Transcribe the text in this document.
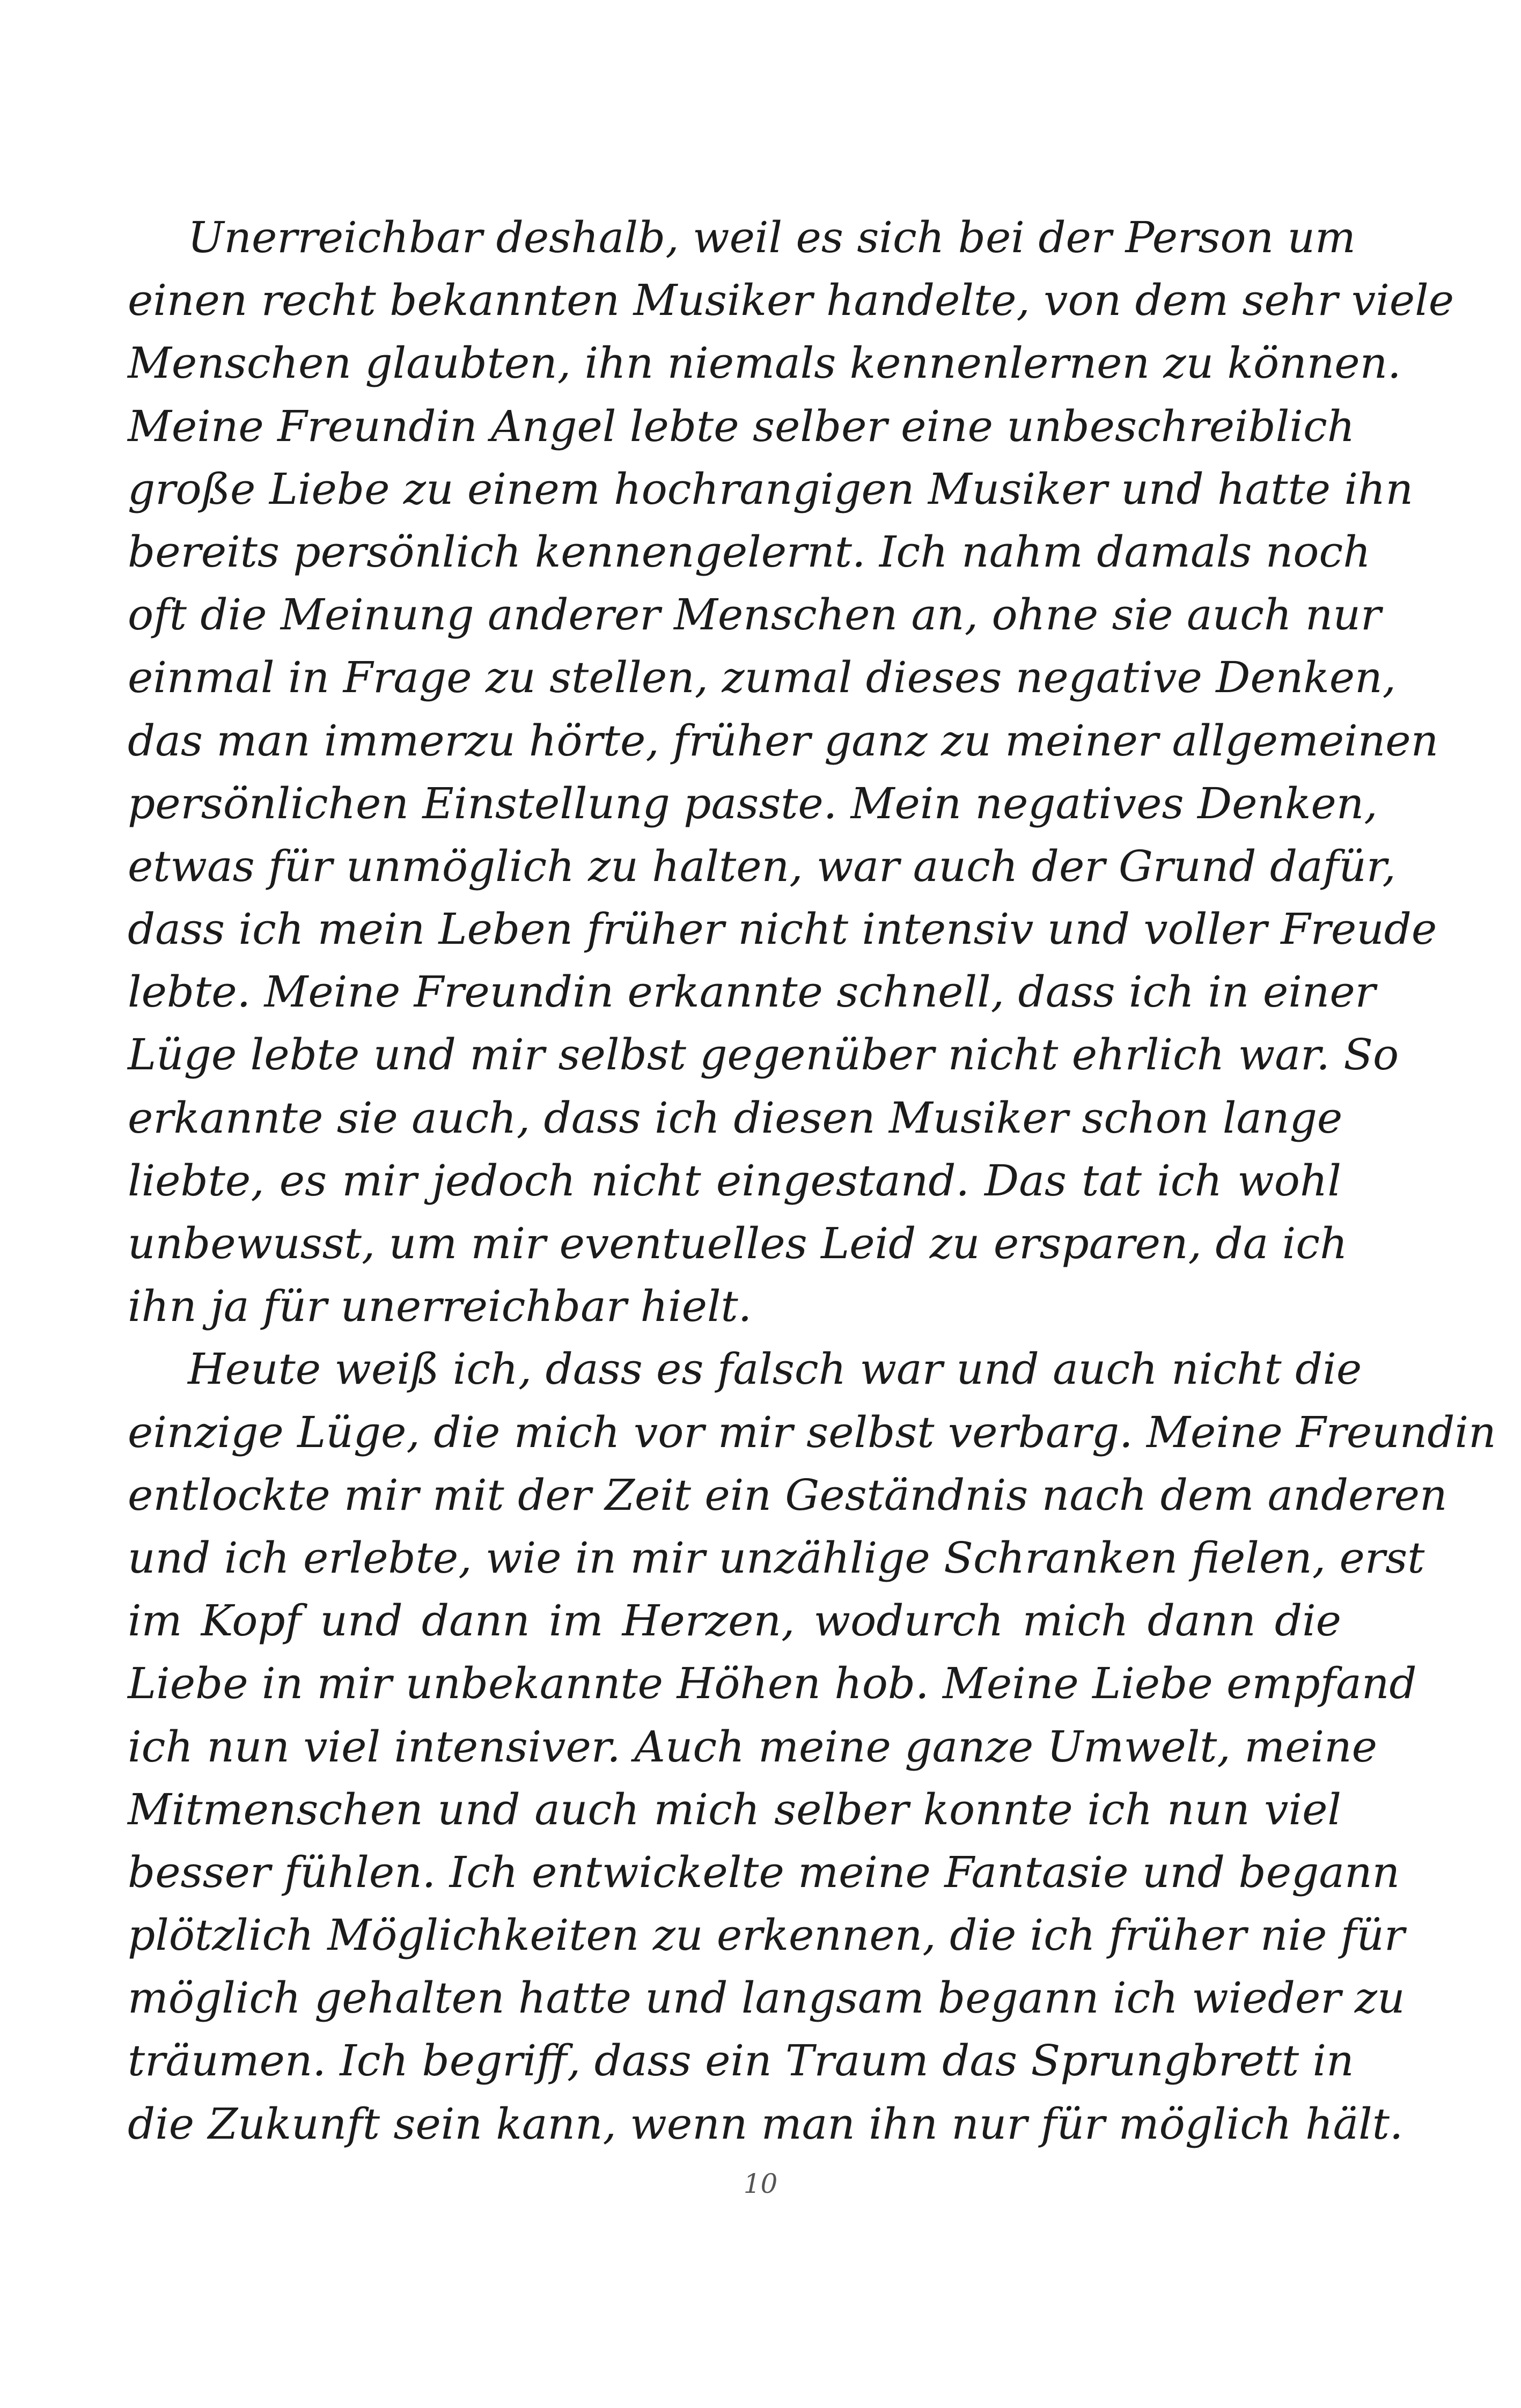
Unerreichbar deshalb, weil es sich bei der Person um
einen recht bekannten Musiker handelte, von dem sehr viele
Menschen glaubten, ihn niemals kennenlernen zu können.
Meine Freundin Angel lebte selber eine unbeschreiblich
große Liebe zu einem hochrangigen Musiker und hatte ihn
bereits persönlich kennengelernt. Ich nahm damals noch
oft die Meinung anderer Menschen an, ohne sie auch nur
einmal in Frage zu stellen, zumal dieses negative Denken,
das man immerzu hörte, früher ganz zu meiner allgemeinen
persönlichen Einstellung passte. Mein negatives Denken,
etwas für unmöglich zu halten, war auch der Grund dafür,
dass ich mein Leben früher nicht intensiv und voller Freude
lebte. Meine Freundin erkannte schnell, dass ich in einer
Lüge lebte und mir selbst gegenüber nicht ehrlich war. So
erkannte sie auch, dass ich diesen Musiker schon lange
liebte, es mir jedoch nicht eingestand. Das tat ich wohl
unbewusst, um mir eventuelles Leid zu ersparen, da ich
ihn ja für unerreichbar hielt.
Heute weiß ich, dass es falsch war und auch nicht die
einzige Lüge, die mich vor mir selbst verbarg. Meine Freundin
entlockte mir mit der Zeit ein Geständnis nach dem anderen
und ich erlebte, wie in mir unzählige Schranken fielen, erst
im Kopf und dann im Herzen, wodurch mich dann die
Liebe in mir unbekannte Höhen hob. Meine Liebe empfand
ich nun viel intensiver. Auch meine ganze Umwelt, meine
Mitmenschen und auch mich selber konnte ich nun viel
besser fühlen. Ich entwickelte meine Fantasie und begann
plötzlich Möglichkeiten zu erkennen, die ich früher nie für
möglich gehalten hatte und langsam begann ich wieder zu
träumen. Ich begriff, dass ein Traum das Sprungbrett in
die Zukunft sein kann, wenn man ihn nur für möglich hält.
10
